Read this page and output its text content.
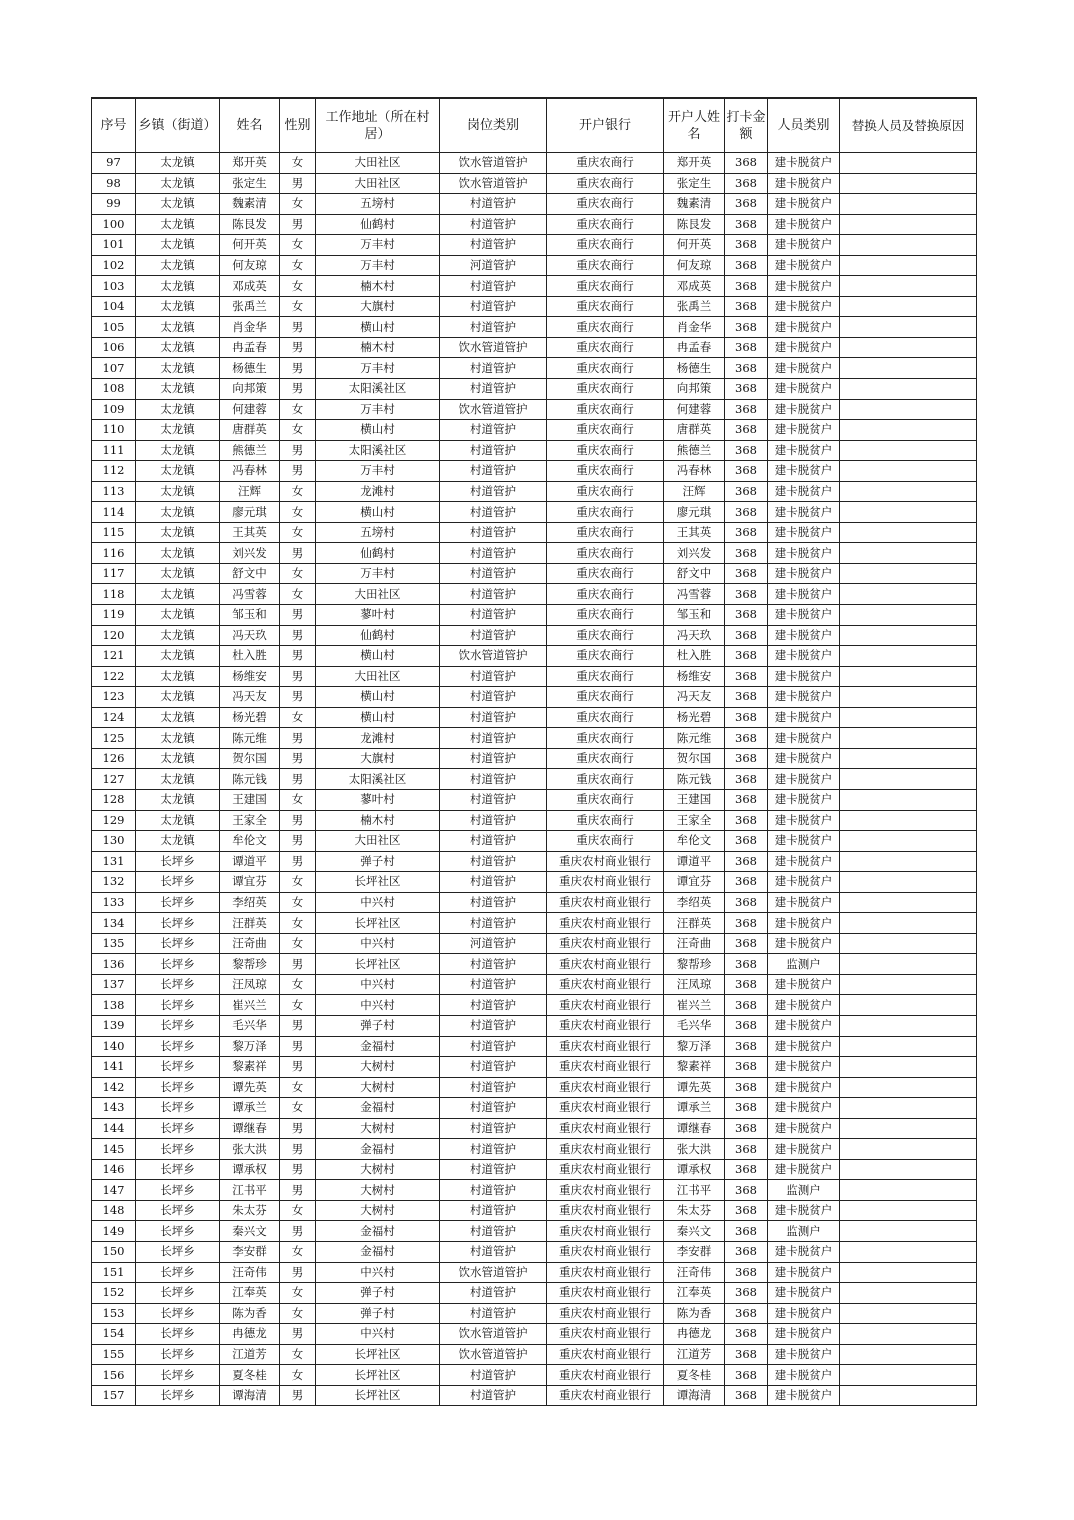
序号	乡镇（街道）	姓名	性别	工作地址（所在村居）	岗位类别	开户银行	开户人姓名	打卡金额	人员类别	替换人员及替换原因
97	太龙镇	郑开英	女	大田社区	饮水管道管护	重庆农商行	郑开英	368	建卡脱贫户	
98	太龙镇	张定生	男	大田社区	饮水管道管护	重庆农商行	张定生	368	建卡脱贫户	
99	太龙镇	魏素清	女	五塝村	村道管护	重庆农商行	魏素清	368	建卡脱贫户	
100	太龙镇	陈艮发	男	仙鹤村	村道管护	重庆农商行	陈艮发	368	建卡脱贫户	
101	太龙镇	何开英	女	万丰村	村道管护	重庆农商行	何开英	368	建卡脱贫户	
102	太龙镇	何友琼	女	万丰村	河道管护	重庆农商行	何友琼	368	建卡脱贫户	
103	太龙镇	邓成英	女	楠木村	村道管护	重庆农商行	邓成英	368	建卡脱贫户	
104	太龙镇	张禹兰	女	大旗村	村道管护	重庆农商行	张禹兰	368	建卡脱贫户	
105	太龙镇	肖金华	男	横山村	村道管护	重庆农商行	肖金华	368	建卡脱贫户	
106	太龙镇	冉孟春	男	楠木村	饮水管道管护	重庆农商行	冉孟春	368	建卡脱贫户	
107	太龙镇	杨德生	男	万丰村	村道管护	重庆农商行	杨德生	368	建卡脱贫户	
108	太龙镇	向邦策	男	太阳溪社区	村道管护	重庆农商行	向邦策	368	建卡脱贫户	
109	太龙镇	何建蓉	女	万丰村	饮水管道管护	重庆农商行	何建蓉	368	建卡脱贫户	
110	太龙镇	唐群英	女	横山村	村道管护	重庆农商行	唐群英	368	建卡脱贫户	
111	太龙镇	熊德兰	男	太阳溪社区	村道管护	重庆农商行	熊德兰	368	建卡脱贫户	
112	太龙镇	冯春林	男	万丰村	村道管护	重庆农商行	冯春林	368	建卡脱贫户	
113	太龙镇	汪辉	女	龙滩村	村道管护	重庆农商行	汪辉	368	建卡脱贫户	
114	太龙镇	廖元琪	女	横山村	村道管护	重庆农商行	廖元琪	368	建卡脱贫户	
115	太龙镇	王其英	女	五塝村	村道管护	重庆农商行	王其英	368	建卡脱贫户	
116	太龙镇	刘兴发	男	仙鹤村	村道管护	重庆农商行	刘兴发	368	建卡脱贫户	
117	太龙镇	舒文中	女	万丰村	村道管护	重庆农商行	舒文中	368	建卡脱贫户	
118	太龙镇	冯雪蓉	女	大田社区	村道管护	重庆农商行	冯雪蓉	368	建卡脱贫户	
119	太龙镇	邹玉和	男	蓼叶村	村道管护	重庆农商行	邹玉和	368	建卡脱贫户	
120	太龙镇	冯天玖	男	仙鹤村	村道管护	重庆农商行	冯天玖	368	建卡脱贫户	
121	太龙镇	杜入胜	男	横山村	饮水管道管护	重庆农商行	杜入胜	368	建卡脱贫户	
122	太龙镇	杨维安	男	大田社区	村道管护	重庆农商行	杨维安	368	建卡脱贫户	
123	太龙镇	冯天友	男	横山村	村道管护	重庆农商行	冯天友	368	建卡脱贫户	
124	太龙镇	杨光碧	女	横山村	村道管护	重庆农商行	杨光碧	368	建卡脱贫户	
125	太龙镇	陈元维	男	龙滩村	村道管护	重庆农商行	陈元维	368	建卡脱贫户	
126	太龙镇	贺尔国	男	大旗村	村道管护	重庆农商行	贺尔国	368	建卡脱贫户	
127	太龙镇	陈元钱	男	太阳溪社区	村道管护	重庆农商行	陈元钱	368	建卡脱贫户	
128	太龙镇	王建国	女	蓼叶村	村道管护	重庆农商行	王建国	368	建卡脱贫户	
129	太龙镇	王家全	男	楠木村	村道管护	重庆农商行	王家全	368	建卡脱贫户	
130	太龙镇	牟伦文	男	大田社区	村道管护	重庆农商行	牟伦文	368	建卡脱贫户	
131	长坪乡	谭道平	男	弹子村	村道管护	重庆农村商业银行	谭道平	368	建卡脱贫户	
132	长坪乡	谭宜芬	女	长坪社区	村道管护	重庆农村商业银行	谭宜芬	368	建卡脱贫户	
133	长坪乡	李绍英	女	中兴村	村道管护	重庆农村商业银行	李绍英	368	建卡脱贫户	
134	长坪乡	汪群英	女	长坪社区	村道管护	重庆农村商业银行	汪群英	368	建卡脱贫户	
135	长坪乡	汪奇曲	女	中兴村	河道管护	重庆农村商业银行	汪奇曲	368	建卡脱贫户	
136	长坪乡	黎帮珍	男	长坪社区	村道管护	重庆农村商业银行	黎帮珍	368	监测户	
137	长坪乡	汪凤琼	女	中兴村	村道管护	重庆农村商业银行	汪凤琼	368	建卡脱贫户	
138	长坪乡	崔兴兰	女	中兴村	村道管护	重庆农村商业银行	崔兴兰	368	建卡脱贫户	
139	长坪乡	毛兴华	男	弹子村	村道管护	重庆农村商业银行	毛兴华	368	建卡脱贫户	
140	长坪乡	黎万泽	男	金福村	村道管护	重庆农村商业银行	黎万泽	368	建卡脱贫户	
141	长坪乡	黎素祥	男	大树村	村道管护	重庆农村商业银行	黎素祥	368	建卡脱贫户	
142	长坪乡	谭先英	女	大树村	村道管护	重庆农村商业银行	谭先英	368	建卡脱贫户	
143	长坪乡	谭承兰	女	金福村	村道管护	重庆农村商业银行	谭承兰	368	建卡脱贫户	
144	长坪乡	谭继春	男	大树村	村道管护	重庆农村商业银行	谭继春	368	建卡脱贫户	
145	长坪乡	张大洪	男	金福村	村道管护	重庆农村商业银行	张大洪	368	建卡脱贫户	
146	长坪乡	谭承权	男	大树村	村道管护	重庆农村商业银行	谭承权	368	建卡脱贫户	
147	长坪乡	江书平	男	大树村	村道管护	重庆农村商业银行	江书平	368	监测户	
148	长坪乡	朱太芬	女	大树村	村道管护	重庆农村商业银行	朱太芬	368	建卡脱贫户	
149	长坪乡	秦兴文	男	金福村	村道管护	重庆农村商业银行	秦兴文	368	监测户	
150	长坪乡	李安群	女	金福村	村道管护	重庆农村商业银行	李安群	368	建卡脱贫户	
151	长坪乡	汪奇伟	男	中兴村	饮水管道管护	重庆农村商业银行	汪奇伟	368	建卡脱贫户	
152	长坪乡	江奉英	女	弹子村	村道管护	重庆农村商业银行	江奉英	368	建卡脱贫户	
153	长坪乡	陈为香	女	弹子村	村道管护	重庆农村商业银行	陈为香	368	建卡脱贫户	
154	长坪乡	冉德龙	男	中兴村	饮水管道管护	重庆农村商业银行	冉德龙	368	建卡脱贫户	
155	长坪乡	江道芳	女	长坪社区	饮水管道管护	重庆农村商业银行	江道芳	368	建卡脱贫户	
156	长坪乡	夏冬桂	女	长坪社区	村道管护	重庆农村商业银行	夏冬桂	368	建卡脱贫户	
157	长坪乡	谭海清	男	长坪社区	村道管护	重庆农村商业银行	谭海清	368	建卡脱贫户	
